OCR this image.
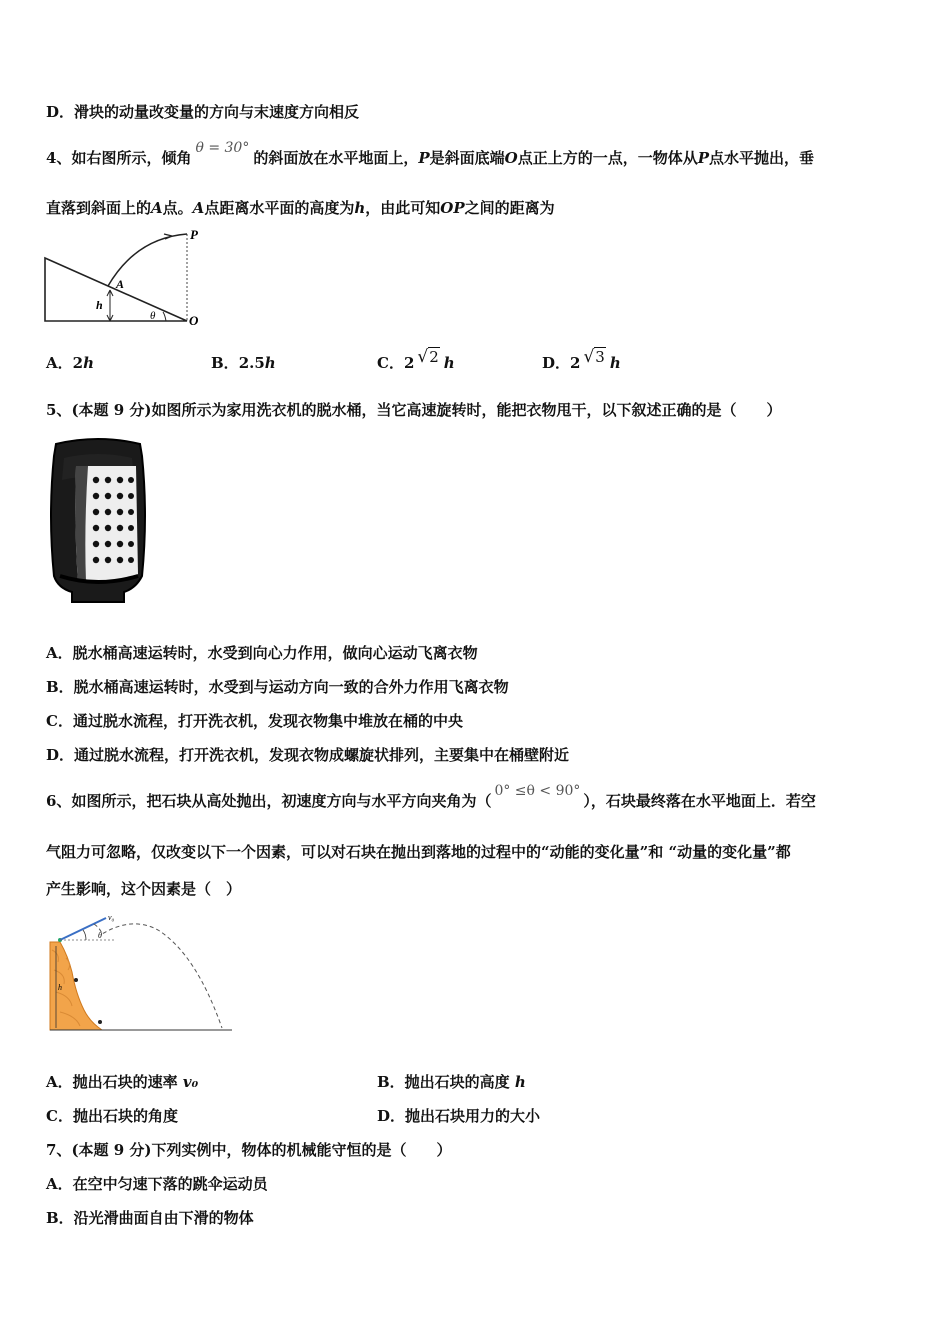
D．滑块的动量改变量的方向与末速度方向相反
4、如右图所示，倾角θ = 30°的斜面放在水平地面上，P是斜面底端O点正上方的一点，一物体从P点水平抛出，垂
直落到斜面上的A点。A点距离水平面的高度为h，由此可知OP之间的距离为
P
A
h
θ	O
A．2h	B．2.5h	C．2 √2 h	D．2 √3 h
5、(本题 9 分)如图所示为家用洗衣机的脱水桶，当它高速旋转时，能把衣物甩干，以下叙述正确的是（　　）
A．脱水桶高速运转时，水受到向心力作用，做向心运动飞离衣物
B．脱水桶高速运转时，水受到与运动方向一致的合外力作用飞离衣物
C．通过脱水流程，打开洗衣机，发现衣物集中堆放在桶的中央
D．通过脱水流程，打开洗衣机，发现衣物成螺旋状排列，主要集中在桶壁附近
6、如图所示，把石块从高处抛出，初速度方向与水平方向夹角为（0° ≤θ < 90°），石块最终落在水平地面上．若空
气阻力可忽略，仅改变以下一个因素，可以对石块在抛出到落地的过程中的“动能的变化量”和 “动量的变化量”都
产生影响，这个因素是（　）
v₀
θ
h
A．抛出石块的速率 v₀	B．抛出石块的高度 h
C．抛出石块的角度	D．抛出石块用力的大小
7、(本题 9 分)下列实例中，物体的机械能守恒的是（　　）
A．在空中匀速下落的跳伞运动员
B．沿光滑曲面自由下滑的物体
